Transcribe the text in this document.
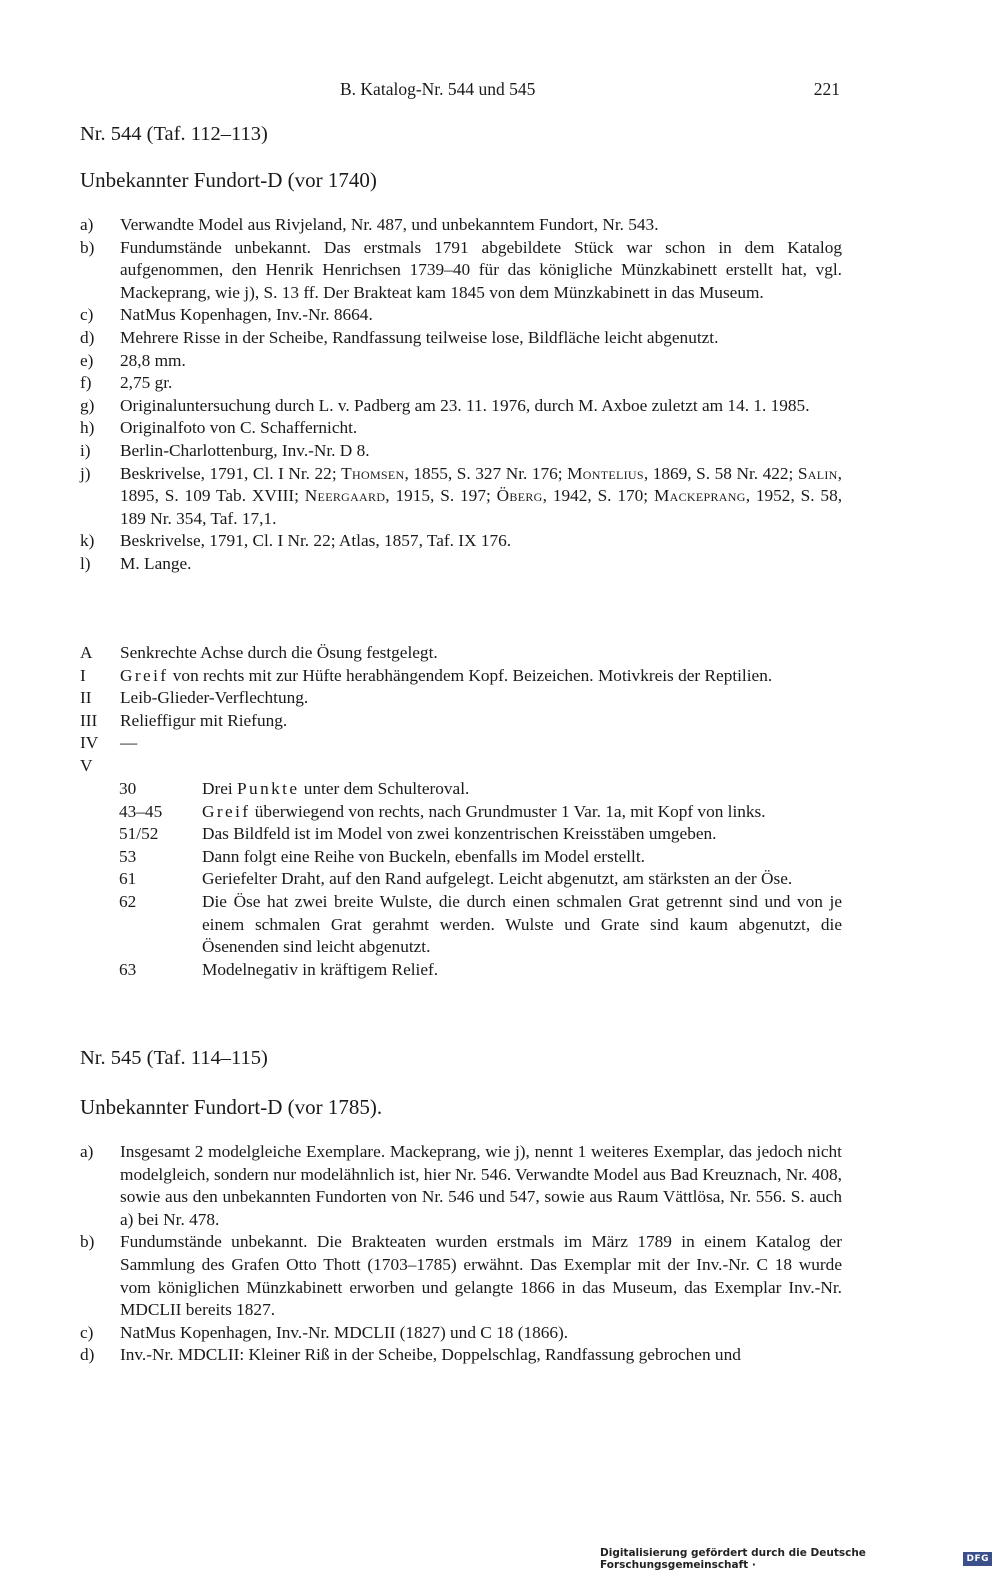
B. Katalog-Nr. 544 und 545	221
Nr. 544 (Taf. 112–113)
Unbekannter Fundort-D (vor 1740)
a)	Verwandte Model aus Rivjeland, Nr. 487, und unbekanntem Fundort, Nr. 543.
b)	Fundumstände unbekannt. Das erstmals 1791 abgebildete Stück war schon in dem Katalog aufgenommen, den Henrik Henrichsen 1739–40 für das königliche Münzkabinett erstellt hat, vgl. Mackeprang, wie j), S. 13 ff. Der Brakteat kam 1845 von dem Münzkabinett in das Museum.
c)	NatMus Kopenhagen, Inv.-Nr. 8664.
d)	Mehrere Risse in der Scheibe, Randfassung teilweise lose, Bildfläche leicht abgenutzt.
e)	28,8 mm.
f)	2,75 gr.
g)	Originaluntersuchung durch L. v. Padberg am 23. 11. 1976, durch M. Axboe zuletzt am 14. 1. 1985.
h)	Originalfoto von C. Schaffernicht.
i)	Berlin-Charlottenburg, Inv.-Nr. D 8.
j)	Beskrivelse, 1791, Cl. I Nr. 22; Thomsen, 1855, S. 327 Nr. 176; Montelius, 1869, S. 58 Nr. 422; Salin, 1895, S. 109 Tab. XVIII; Neergaard, 1915, S. 197; Öberg, 1942, S. 170; Mackeprang, 1952, S. 58, 189 Nr. 354, Taf. 17,1.
k)	Beskrivelse, 1791, Cl. I Nr. 22; Atlas, 1857, Taf. IX 176.
l)	M. Lange.
A	Senkrechte Achse durch die Ösung festgelegt.
I	Greif von rechts mit zur Hüfte herabhängendem Kopf. Beizeichen. Motivkreis der Reptilien.
II	Leib-Glieder-Verflechtung.
III	Relieffigur mit Riefung.
IV	—
V
30	Drei Punkte unter dem Schulteroval.
43–45	Greif überwiegend von rechts, nach Grundmuster 1 Var. 1a, mit Kopf von links.
51/52	Das Bildfeld ist im Model von zwei konzentrischen Kreisstäben umgeben.
53	Dann folgt eine Reihe von Buckeln, ebenfalls im Model erstellt.
61	Geriefelter Draht, auf den Rand aufgelegt. Leicht abgenutzt, am stärksten an der Öse.
62	Die Öse hat zwei breite Wulste, die durch einen schmalen Grat getrennt sind und von je einem schmalen Grat gerahmt werden. Wulste und Grate sind kaum abgenutzt, die Ösenenden sind leicht abgenutzt.
63	Modelnegativ in kräftigem Relief.
Nr. 545 (Taf. 114–115)
Unbekannter Fundort-D (vor 1785).
a)	Insgesamt 2 modelgleiche Exemplare. Mackeprang, wie j), nennt 1 weiteres Exemplar, das jedoch nicht modelgleich, sondern nur modelähnlich ist, hier Nr. 546. Verwandte Model aus Bad Kreuznach, Nr. 408, sowie aus den unbekannten Fundorten von Nr. 546 und 547, sowie aus Raum Vättlösa, Nr. 556. S. auch a) bei Nr. 478.
b)	Fundumstände unbekannt. Die Brakteaten wurden erstmals im März 1789 in einem Katalog der Sammlung des Grafen Otto Thott (1703–1785) erwähnt. Das Exemplar mit der Inv.-Nr. C 18 wurde vom königlichen Münzkabinett erworben und gelangte 1866 in das Museum, das Exemplar Inv.-Nr. MDCLII bereits 1827.
c)	NatMus Kopenhagen, Inv.-Nr. MDCLII (1827) und C 18 (1866).
d)	Inv.-Nr. MDCLII: Kleiner Riß in der Scheibe, Doppelschlag, Randfassung gebrochen und
Digitalisierung gefördert durch die Deutsche Forschungsgemeinschaft ·	DFG
